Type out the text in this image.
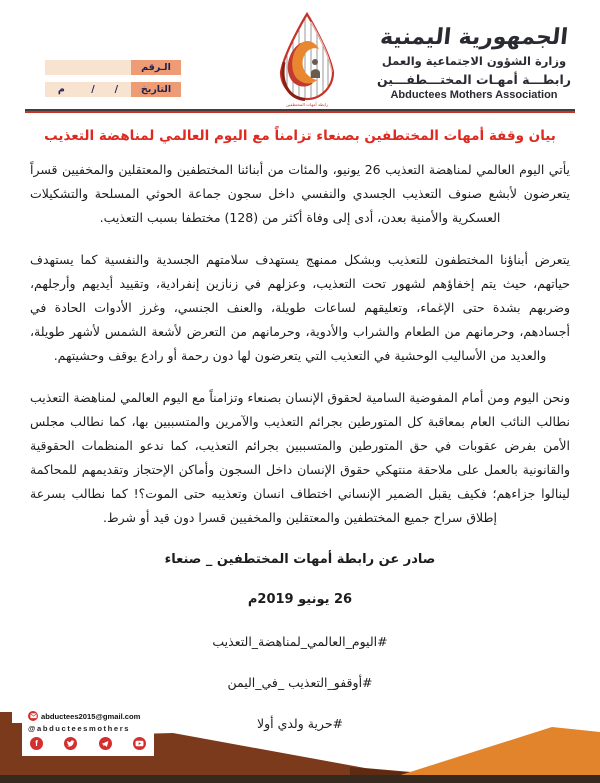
الجمهورية اليمنية
وزارة الشؤون الاجتماعية والعمل
رابطـــة أمهـات المختـــطفـــين
Abductees Mothers Association
رابطة أمهات المختطفين
الـرقم
التاريخ
/      /        م
بيان وقفة أمهات المختطفين بصنعاء تزامناً مع اليوم العالمي لمناهضة التعذيب

يأتي اليوم العالمي لمناهضة التعذيب 26 يونيو، والمئات من أبنائنا المختطفين والمعتقلين والمخفيين قسراً يتعرضون لأبشع صنوف التعذيب الجسدي والنفسي داخل سجون جماعة الحوثي المسلحة والتشكيلات العسكرية والأمنية بعدن، أدى إلى وفاة أكثر من (128) مختطفا بسبب التعذيب.

يتعرض أبناؤنا المختطفون للتعذيب وبشكل ممنهج يستهدف سلامتهم الجسدية والنفسية كما يستهدف حياتهم، حيث يتم إخفاؤهم لشهور تحت التعذيب، وعزلهم في زنازين إنفرادية، وتقييد أيديهم وأرجلهم، وضربهم بشدة حتى الإغماء، وتعليقهم لساعات طويلة، والعنف الجنسي، وغرز الأدوات الحادة في أجسادهم، وحرمانهم من الطعام والشراب والأدوية، وحرمانهم من التعرض لأشعة الشمس لأشهر طويلة، والعديد من الأساليب الوحشية في التعذيب التي يتعرضون لها دون رحمة أو رادع يوقف وحشيتهم.

ونحن اليوم ومن أمام المفوضية السامية لحقوق الإنسان بصنعاء وتزامناً مع اليوم العالمي لمناهضة التعذيب نطالب النائب العام بمعاقبة كل المتورطين بجرائم التعذيب والآمرين والمتسببين بها، كما نطالب مجلس الأمن بفرض عقوبات في حق المتورطين والمتسببين بجرائم التعذيب، كما ندعو المنظمات الحقوقية والقانونية بالعمل على ملاحقة منتهكي حقوق الإنسان داخل السجون وأماكن الإحتجاز وتقديمهم للمحاكمة لينالوا جزاءهم؛ فكيف يقبل الضمير الإنساني اختطاف انسان وتعذيبه حتى الموت؟! كما نطالب بسرعة إطلاق سراح جميع المختطفين والمعتقلين والمخفيين قسرا دون قيد أو شرط.

صادر عن رابطة أمهات المختطفين _ صنعاء
26 يونيو 2019م
#اليوم_العالمي_لمناهضة_التعذيب
#أوقفو_التعذيب _في_اليمن
#حرية ولدي أولا
abductees2015@gmail.com
@abducteesmothers
f
